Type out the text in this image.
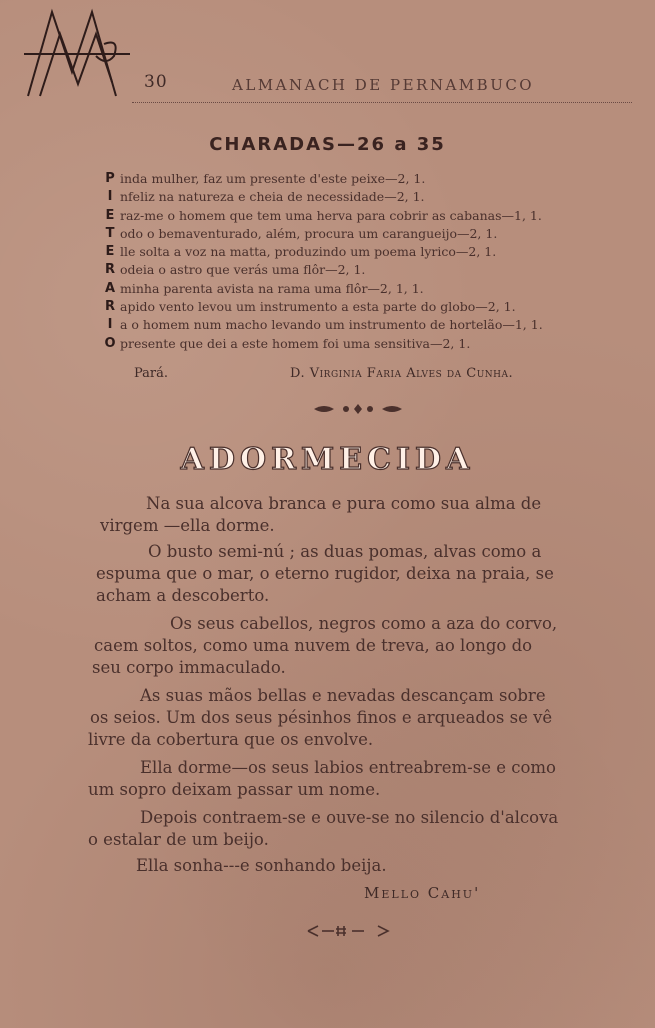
30	ALMANACH DE PERNAMBUCO
CHARADAS—26 a 35
P inda mulher, faz um presente d'este peixe—2, 1.
I nfeliz na natureza e cheia de necessidade—2, 1.
E raz-me o homem que tem uma herva para cobrir as cabanas—1, 1.
T odo o bemaventurado, além, procura um carangueijo—2, 1.
E lle solta a voz na matta, produzindo um poema lyrico—2, 1.
R odeia o astro que verás uma flôr—2, 1.
A minha parenta avista na rama uma flôr—2, 1, 1.
R apido vento levou um instrumento a esta parte do globo—2, 1.
I a o homem num macho levando um instrumento de hortelão—1, 1.
O presente que dei a este homem foi uma sensitiva—2, 1.
Pará.	D. Virginia Faria Alves da Cunha.
ADORMECIDA
Na sua alcova branca e pura como sua alma de
virgem —ella dorme.
O busto semi-nú ; as duas pomas, alvas como a
espuma que o mar, o eterno rugidor, deixa na praia, se
acham a descoberto.
Os seus cabellos, negros como a aza do corvo,
caem soltos, como uma nuvem de treva, ao longo do
seu corpo immaculado.
As suas mãos bellas e nevadas descançam sobre
os seios. Um dos seus pésinhos finos e arqueados se vê
livre da cobertura que os envolve.
Ella dorme—os seus labios entreabrem-se e como
um sopro deixam passar um nome.
Depois contraem-se e ouve-se no silencio d'alcova
o estalar de um beijo.
Ella sonha---e sonhando beija.
Mello Cahu'
